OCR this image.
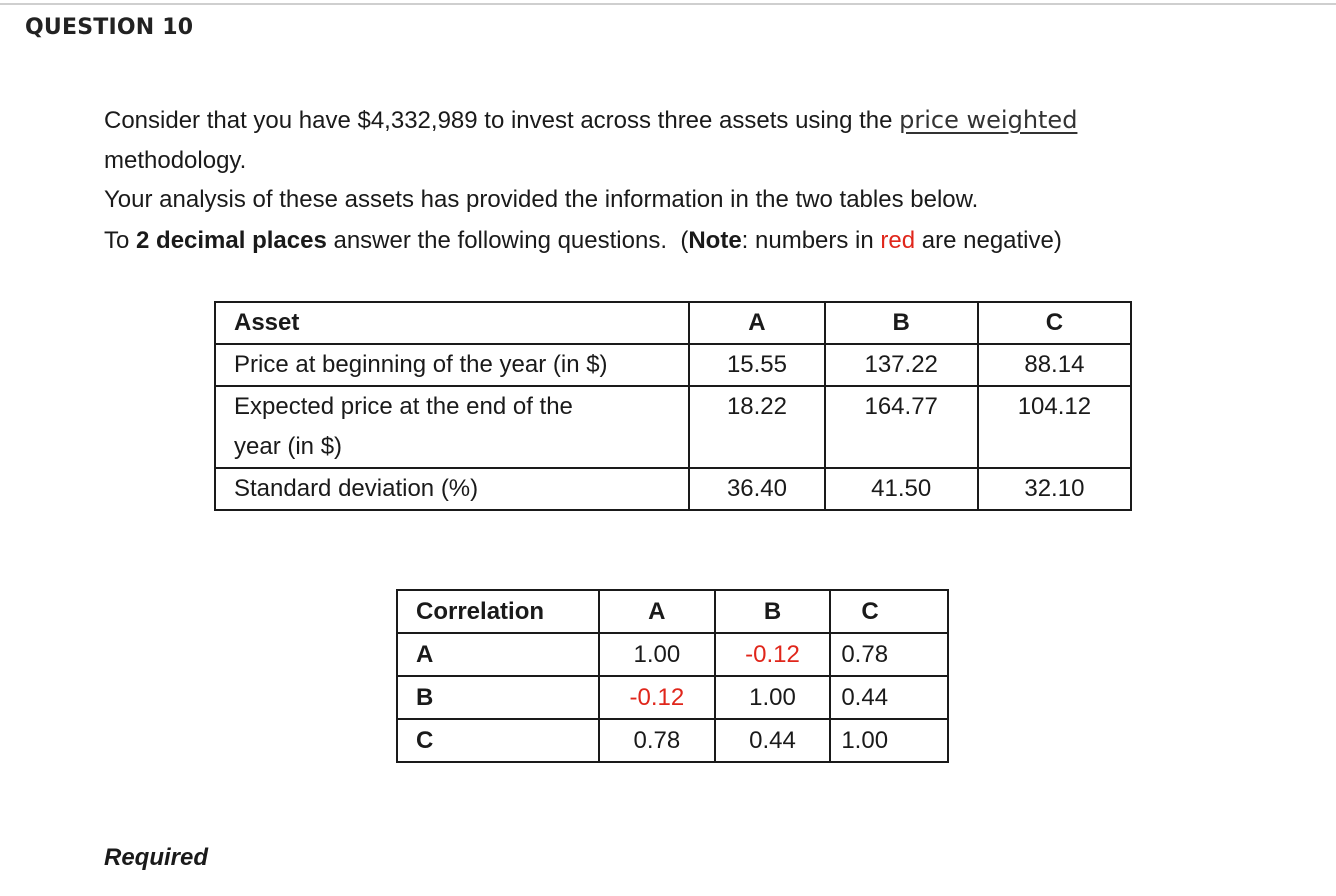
QUESTION 10
Consider that you have $4,332,989 to invest across three assets using the price weighted
methodology.
Your analysis of these assets has provided the information in the two tables below.
To 2 decimal places answer the following questions.  (Note: numbers in red are negative)
Asset	A	B	C
Price at beginning of the year (in $)	15.55	137.22	88.14
Expected price at the end of the
year (in $)	18.22	164.77	104.12
Standard deviation (%)	36.40	41.50	32.10
Correlation	A	B	C
A	1.00	-0.12	0.78
B	-0.12	1.00	0.44
C	0.78	0.44	1.00
Required
